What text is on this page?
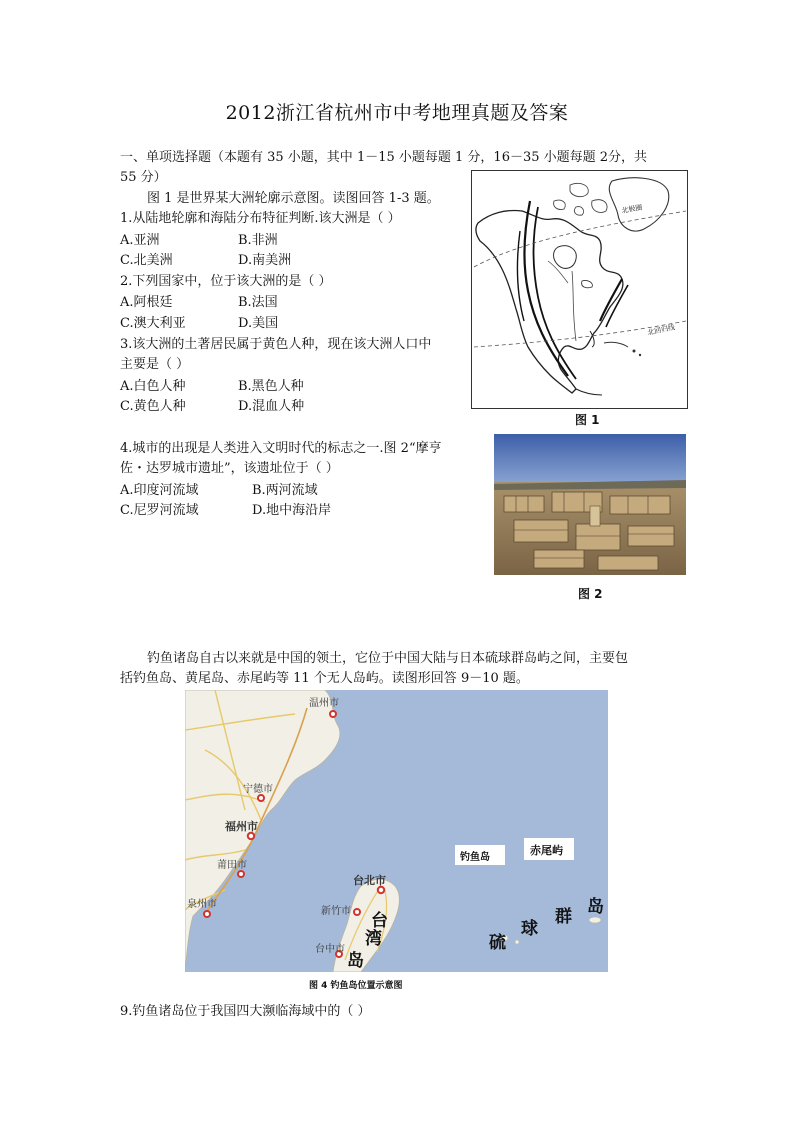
2012浙江省杭州市中考地理真题及答案
一、单项选择题（本题有 35 小题，其中 1－15 小题每题 1 分，16－35 小题每题 2分，共
55 分）
图 1 是世界某大洲轮廓示意图。读图回答 1-3 题。
1.从陆地轮廓和海陆分布特征判断.该大洲是（ ）
A.亚洲	B.非洲
C.北美洲	D.南美洲
2.下列国家中，位于该大洲的是（ ）
A.阿根廷	B.法国
C.澳大利亚	D.美国
3.该大洲的土著居民属于黄色人种，现在该大洲人口中
主要是（ ）
A.白色人种	B.黑色人种
C.黄色人种	D.混血人种
4.城市的出现是人类进入文明时代的标志之一.图 2“摩亨
佐・达罗城市遗址”，该遗址位于（ ）
A.印度河流域	B.两河流域
C.尼罗河流域	D.地中海沿岸
北极圈
北回归线
图 1
图 2
钓鱼诸岛自古以来就是中国的领土，它位于中国大陆与日本硫球群岛屿之间，主要包
括钓鱼岛、黄尾岛、赤尾屿等 11 个无人岛屿。读图形回答 9－10 题。
温州市
宁德市
福州市
莆田市
泉州市
台北市
新竹市
台中市
台
湾
岛
钓鱼岛
赤尾屿
硫
球
群 岛
图 4 钓鱼岛位置示意图
9.钓鱼诸岛位于我国四大濒临海域中的（ ）
